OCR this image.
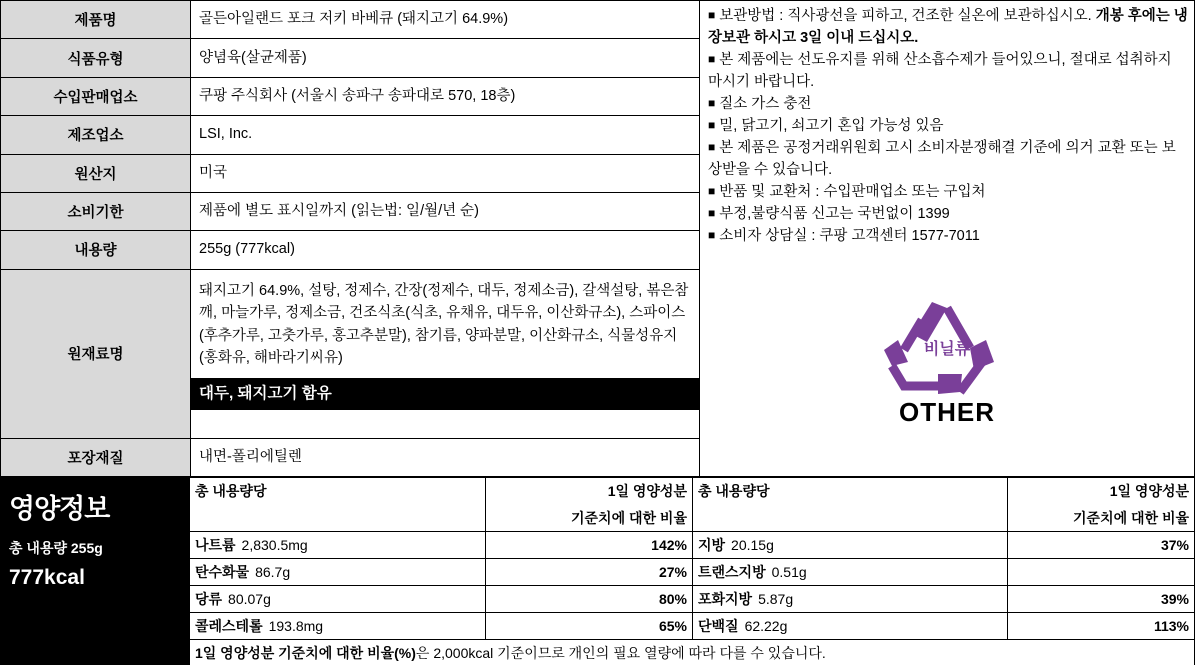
제품명	골든아일랜드 포크 저키 바베큐 (돼지고기 64.9%)
식품유형	양념육(살균제품)
수입판매업소	쿠팡 주식회사 (서울시 송파구 송파대로 570, 18층)
제조업소	LSI, Inc.
원산지	미국
소비기한	제품에 별도 표시일까지 (읽는법: 일/월/년 순)
내용량	255g (777kcal)
원재료명	돼지고기 64.9%, 설탕, 정제수, 간장(정제수, 대두, 정제소금), 갈색설탕, 볶은참깨, 마늘가루, 정제소금, 건조식초(식초, 유채유, 대두유, 이산화규소), 스파이스(후추가루, 고춧가루, 홍고추분말), 참기름, 양파분말, 이산화규소, 식물성유지(홍화유, 해바라기씨유)
대두, 돼지고기 함유

포장재질	내면-폴리에틸렌

■ 보관방법 : 직사광선을 피하고, 건조한 실온에 보관하십시오. 개봉 후에는 냉장보관 하시고 3일 이내 드십시오.

■ 본 제품에는 선도유지를 위해 산소흡수제가 들어있으니, 절대로 섭취하지 마시기 바랍니다.

■ 질소 가스 충전

■ 밀, 닭고기, 쇠고기 혼입 가능성 있음

■ 본 제품은 공정거래위원회 고시 소비자분쟁해결 기준에 의거 교환 또는 보상받을 수 있습니다.

■ 반품 및 교환처 : 수입판매업소 또는 구입처

■ 부정,불량식품 신고는 국번없이 1399

■ 소비자 상담실 : 쿠팡 고객센터 1577-7011

비닐류
OTHER
영양정보
총 내용량 255g
777kcal
총 내용량당	1일 영양성분	총 내용량당	1일 영양성분
	기준치에 대한 비율		기준치에 대한 비율
나트륨 2,830.5mg	142%	지방 20.15g	37%
탄수화물 86.7g	27%	트랜스지방 0.51g	
당류 80.07g	80%	포화지방 5.87g	39%
콜레스테롤 193.8mg	65%	단백질 62.22g	113%
1일 영양성분 기준치에 대한 비율(%)은 2,000kcal 기준이므로 개인의 필요 열량에 따라 다를 수 있습니다.			
